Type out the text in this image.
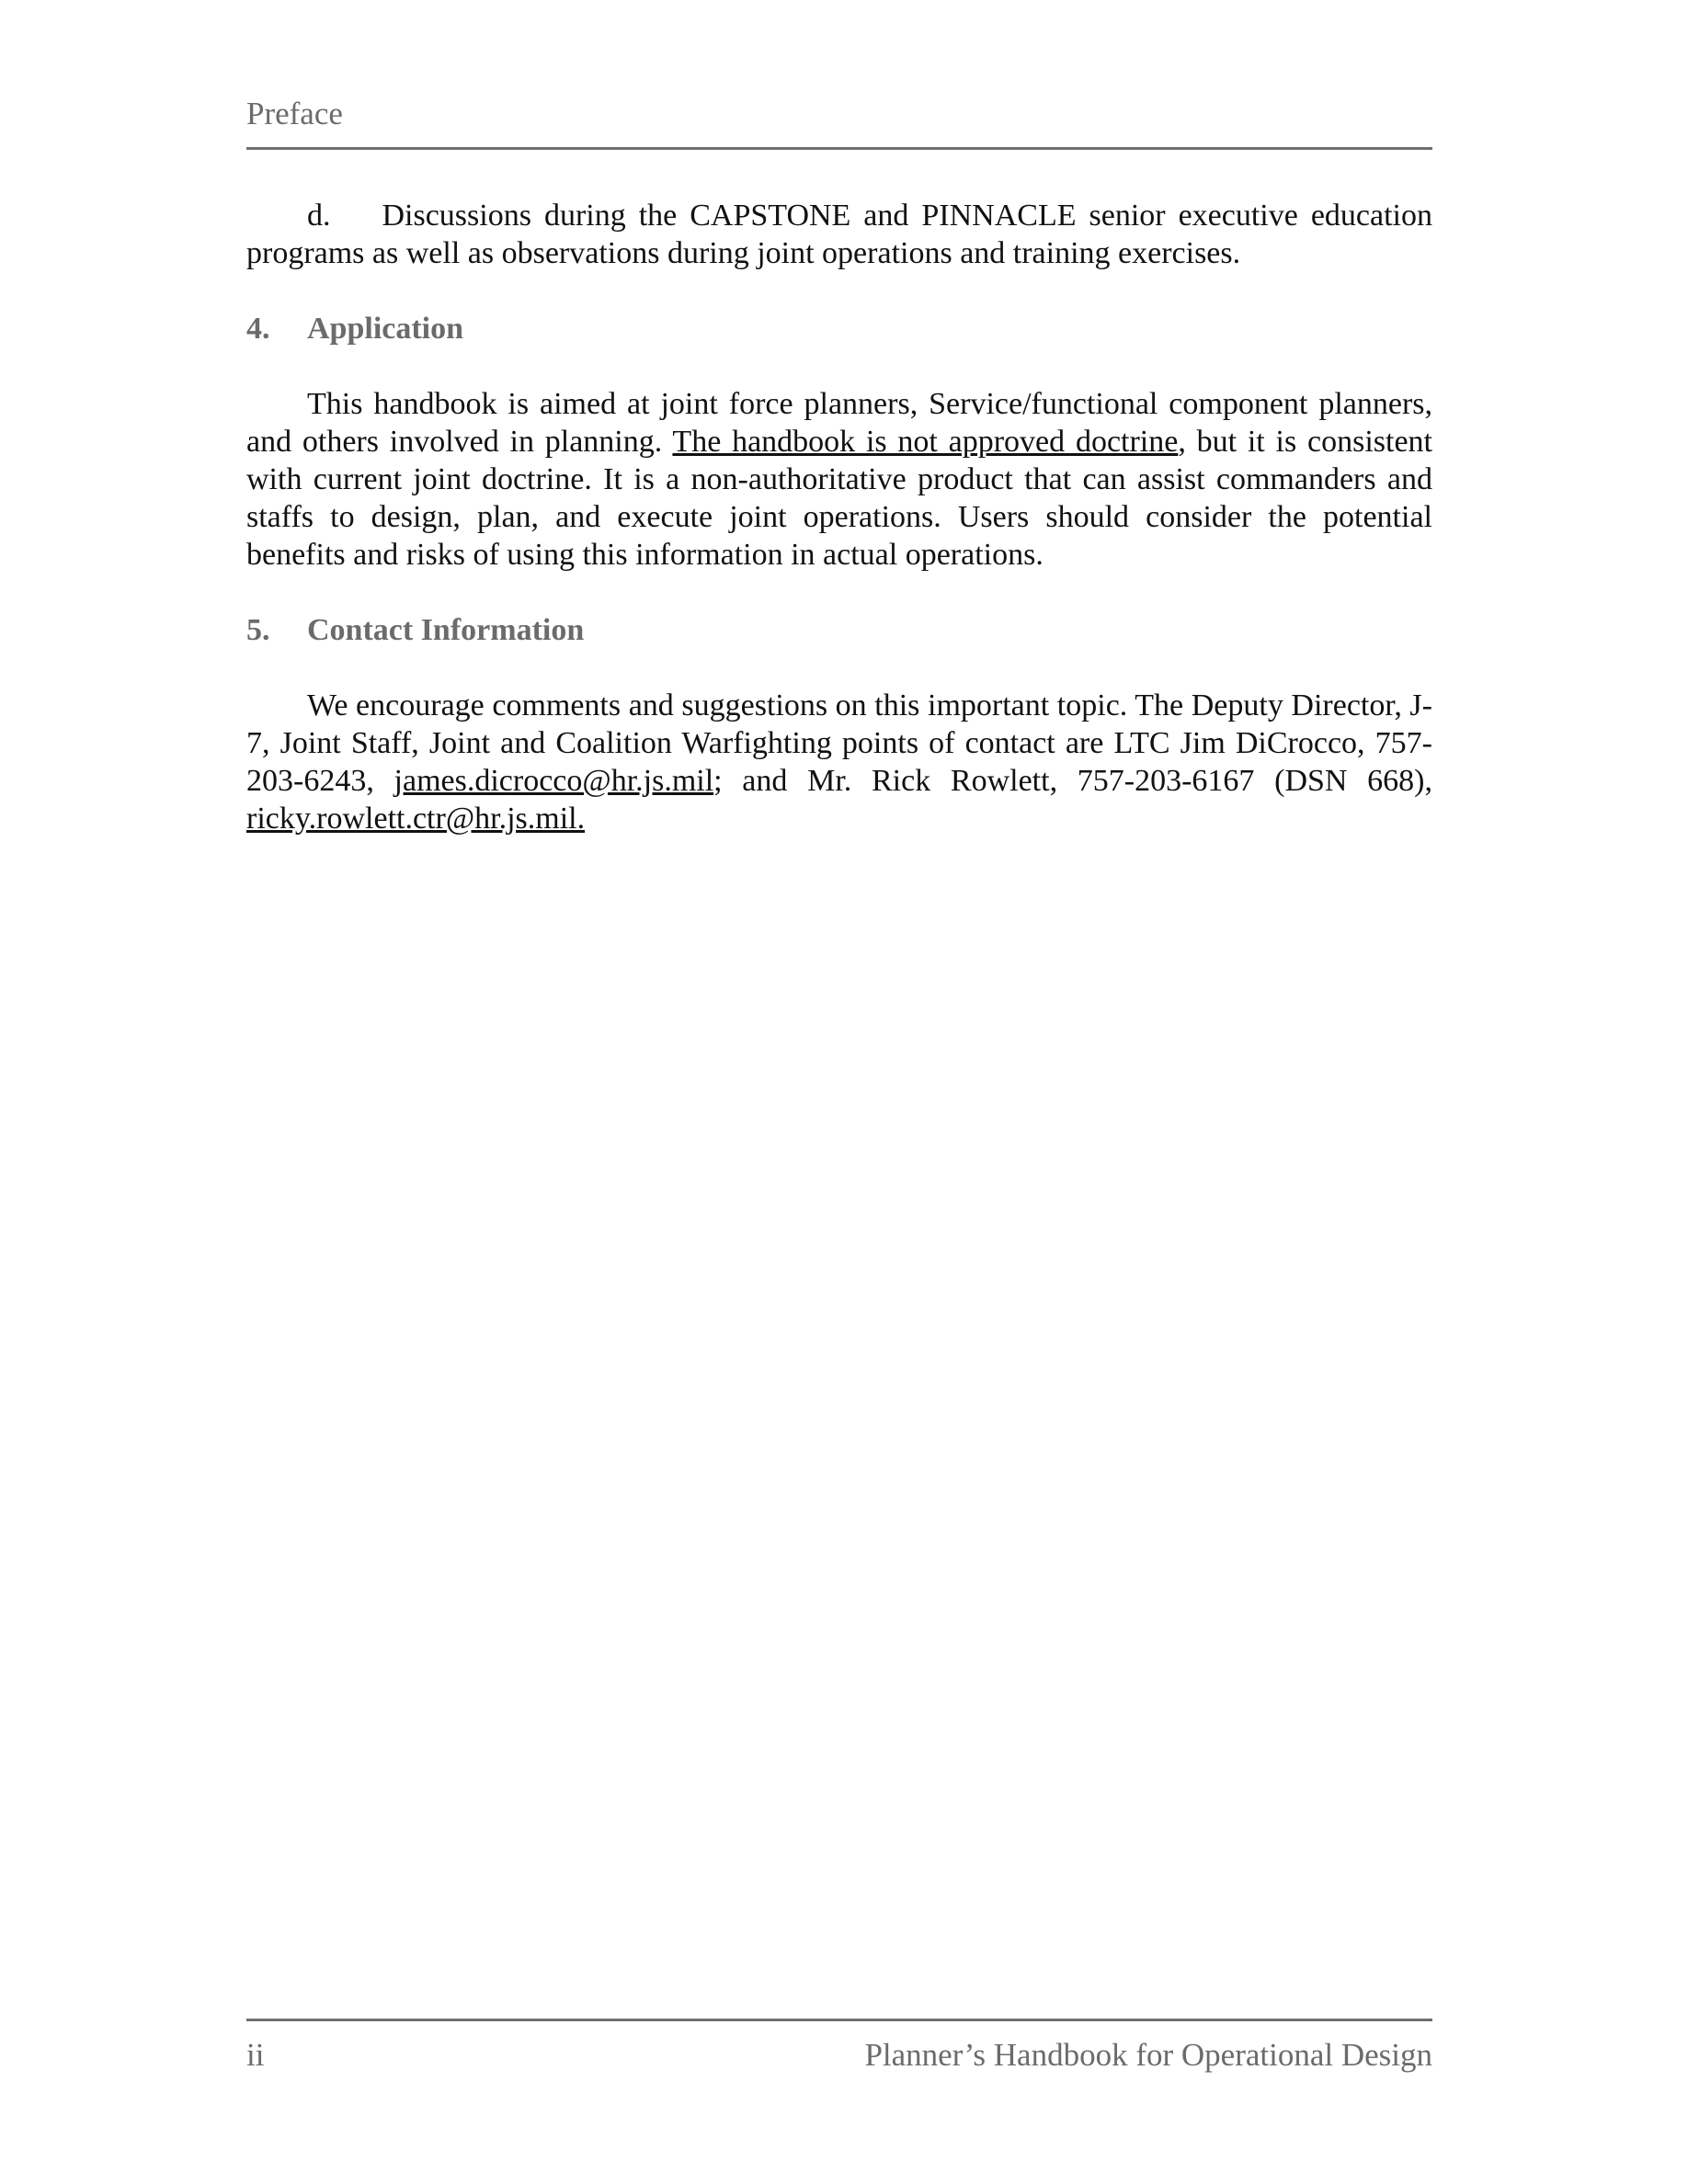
Preface

d. Discussions during the CAPSTONE and PINNACLE senior executive education programs as well as observations during joint operations and training exercises.

4. Application

This handbook is aimed at joint force planners, Service/functional component planners, and others involved in planning. The handbook is not approved doctrine, but it is consistent with current joint doctrine. It is a non-authoritative product that can assist commanders and staffs to design, plan, and execute joint operations. Users should consider the potential benefits and risks of using this information in actual operations.

5. Contact Information

We encourage comments and suggestions on this important topic. The Deputy Director, J-7, Joint Staff, Joint and Coalition Warfighting points of contact are LTC Jim DiCrocco, 757-203-6243, james.dicrocco@hr.js.mil; and Mr. Rick Rowlett, 757-203-6167 (DSN 668), ricky.rowlett.ctr@hr.js.mil.

ii	Planner’s Handbook for Operational Design
